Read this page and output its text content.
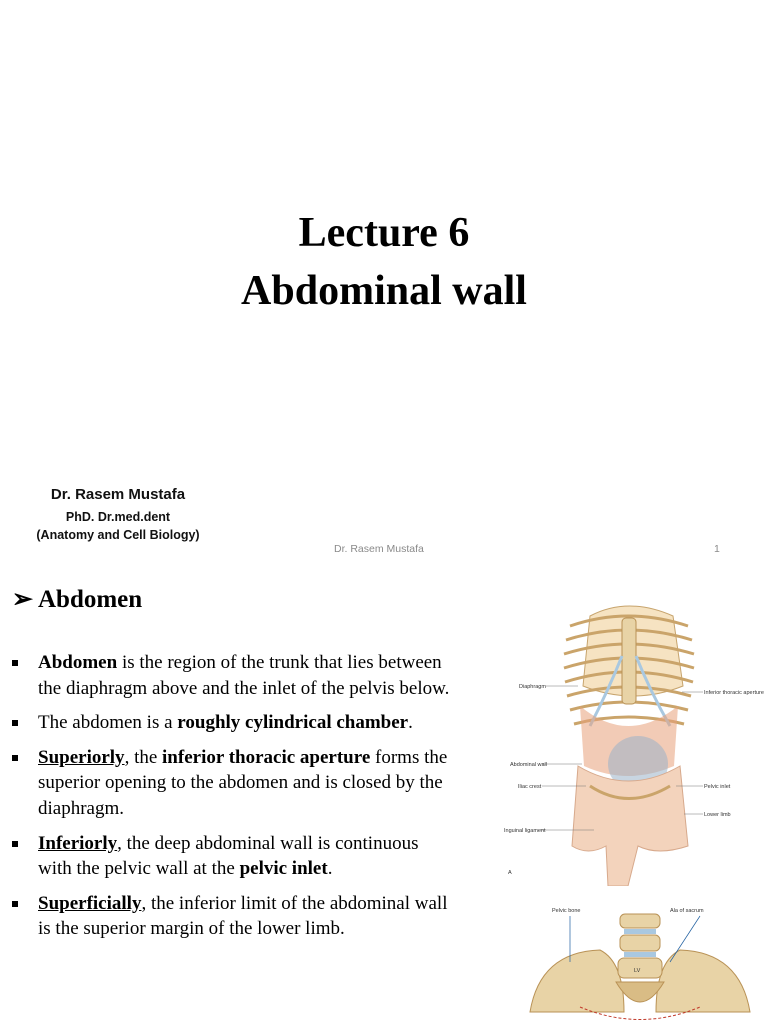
Lecture 6
Abdominal wall
Dr. Rasem Mustafa
PhD. Dr.med.dent
(Anatomy and Cell Biology)
Dr. Rasem Mustafa	1
➢ Abdomen
Abdomen is the region of the trunk that lies between the diaphragm above and the inlet of the pelvis below.
The abdomen is a roughly cylindrical chamber.
Superiorly, the inferior thoracic aperture forms the superior opening to the abdomen and is closed by the diaphragm.
Inferiorly, the deep abdominal wall is continuous with the pelvic wall at the pelvic inlet.
Superficially, the inferior limit of the abdominal wall is the superior margin of the lower limb.
Diaphragm
Inferior thoracic aperture
Abdominal wall
Iliac crest	Pelvic inlet
Lower limb
Inguinal ligament
A
Pelvic bone	Ala of sacrum
LV
